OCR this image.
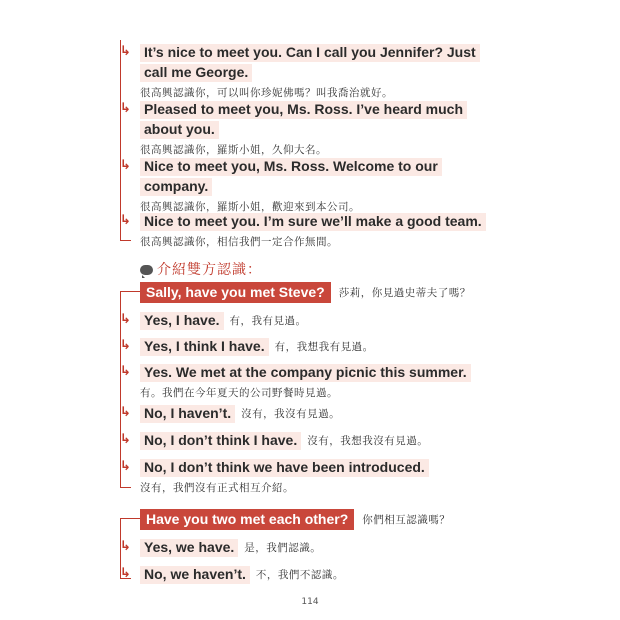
↳ It’s nice to meet you. Can I call you Jennifer? Just
call me George.
很高興認識你，可以叫你珍妮佛嗎？叫我喬治就好。
↳ Pleased to meet you, Ms. Ross. I’ve heard much
about you.
很高興認識你，羅斯小姐，久仰大名。
↳ Nice to meet you, Ms. Ross. Welcome to our
company.
很高興認識你，羅斯小姐，歡迎來到本公司。
↳ Nice to meet you. I’m sure we’ll make a good team.
很高興認識你，相信我們一定合作無間。
介紹雙方認識：
Sally, have you met Steve? 莎莉，你見過史蒂夫了嗎？
↳ Yes, I have. 有，我有見過。
↳ Yes, I think I have. 有，我想我有見過。
↳ Yes. We met at the company picnic this summer.
有。我們在今年夏天的公司野餐時見過。
↳ No, I haven’t. 沒有，我沒有見過。
↳ No, I don’t think I have. 沒有，我想我沒有見過。
↳ No, I don’t think we have been introduced.
沒有，我們沒有正式相互介紹。
Have you two met each other? 你們相互認識嗎？
↳ Yes, we have. 是，我們認識。
↳ No, we haven’t. 不，我們不認識。
114
